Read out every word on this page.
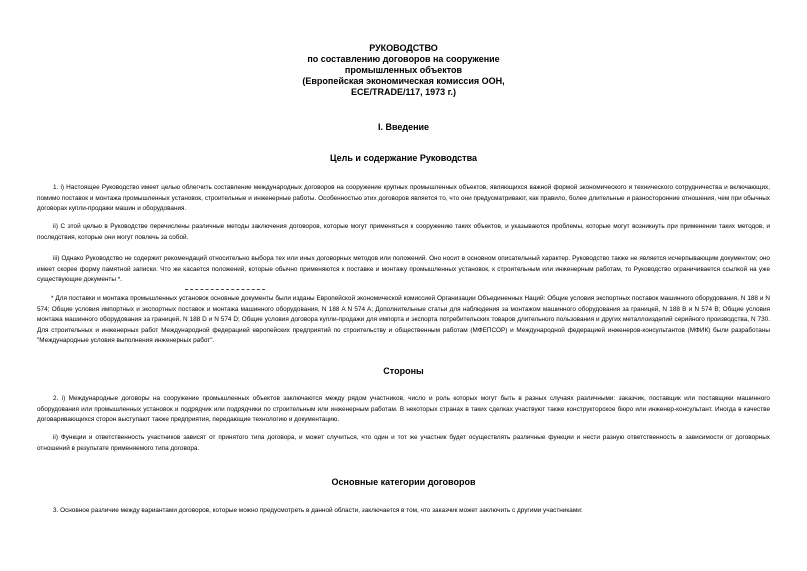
РУКОВОДСТВО
по составлению договоров на сооружение
промышленных объектов
(Европейская экономическая комиссия ООН,
ECE/TRADE/117, 1973 г.)
I. Введение
Цель и содержание Руководства
1. i) Настоящее Руководство имеет целью облегчить составление международных договоров на сооружение крупных промышленных объектов, являющихся важной формой экономического и технического сотрудничества и включающих, помимо поставок и монтажа промышленных установок, строительные и инженерные работы. Особенностью этих договоров является то, что они предусматривают, как правило, более длительные и разносторонние отношения, чем при обычных договорах купли-продажи машин и оборудования.
ii) С этой целью в Руководстве перечислены различные методы заключения договоров, которые могут применяться к сооружению таких объектов, и указываются проблемы, которые могут возникнуть при применении таких методов, и последствия, которые они могут повлечь за собой.
iii) Однако Руководство не содержит рекомендаций относительно выбора тех или иных договорных методов или положений. Оно носит в основном описательный характер. Руководство также не является исчерпывающим документом; оно имеет скорее форму памятной записки. Что же касается положений, которые обычно применяются к поставке и монтажу промышленных установок, к строительным или инженерным работам, то Руководство ограничивается ссылкой на уже существующие документы *.
* Для поставки и монтажа промышленных установок основные документы были изданы Европейской экономической комиссией Организации Объединенных Наций: Общие условия экспортных поставок машинного оборудования, N 188 и N 574; Общие условия импортных и экспортных поставок и монтажа машинного оборудования, N 188 A N 574 A; Дополнительные статьи для наблюдения за монтажом машинного оборудования за границей, N 188 B и N 574 B; Общие условия монтажа машинного оборудования за границей, N 188 D и N 574 D; Общие условия договора купли-продажи для импорта и экспорта потребительских товаров длительного пользования и других металлоизделий серийного производства, N 730. Для строительных и инженерных работ Международной федерацией европейских предприятий по строительству и общественным работам (МФЕПСОР) и Международной федерацией инженеров-консультантов (МФИК) были разработаны "Международные условия выполнения инженерных работ".
Стороны
2. i) Международные договоры на сооружение промышленных объектов заключаются между рядом участников, число и роль которых могут быть в разных случаях различными: заказчик, поставщик или поставщики машинного оборудования или промышленных установок и подрядчик или подрядчики по строительным или инженерным работам. В некоторых странах в таких сделках участвуют также конструкторское бюро или инженер-консультант. Иногда в качестве договаривающихся сторон выступают также предприятия, передающие технологию и документацию.
ii) Функции и ответственность участников зависят от принятого типа договора, и может случиться, что один и тот же участник будет осуществлять различные функции и нести разную ответственность в зависимости от договорных отношений в результате применяемого типа договора.
Основные категории договоров
3. Основное различие между вариантами договоров, которые можно предусмотреть в данной области, заключается в том, что заказчик может заключить с другими участниками:
